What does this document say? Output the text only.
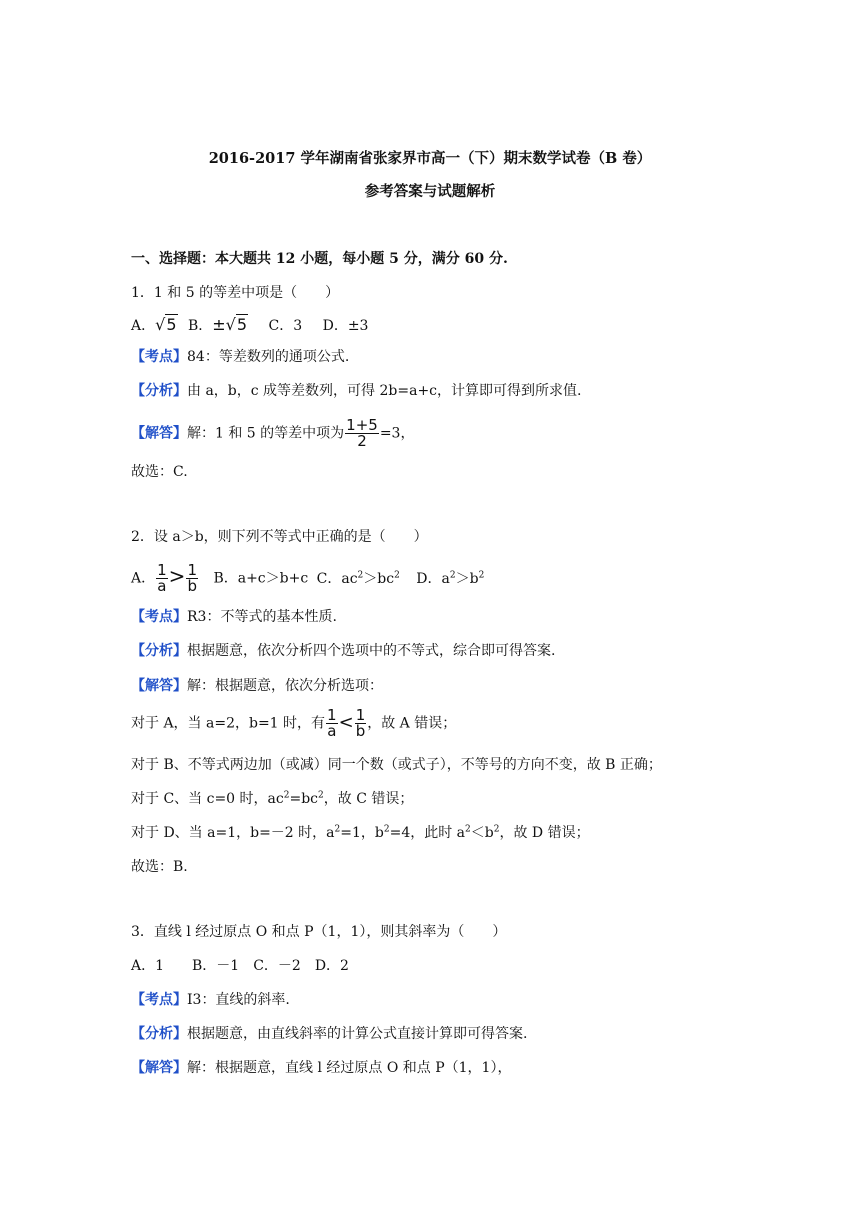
2016-2017 学年湖南省张家界市高一（下）期末数学试卷（B 卷）
参考答案与试题解析
一、选择题：本大题共 12 小题，每小题 5 分，满分 60 分.
1．1 和 5 的等差中项是（　　）
A．√5 B．±√5 C．3 D．±3
【考点】84：等差数列的通项公式.
【分析】由 a，b，c 成等差数列，可得 2b=a+c，计算即可得到所求值.
【解答】解：1 和 5 的等差中项为 $\frac{1+5}{2} =3$，
故选：C.
2．设 a＞b，则下列不等式中正确的是（　　）
A． $\frac{1}{a} > \frac{1}{b}$ B．a+c＞b+c C．$ac^2>bc^2$ D．$a^2>b^2$
【考点】R3：不等式的基本性质.
【分析】根据题意，依次分析四个选项中的不等式，综合即可得答案.
【解答】解：根据题意，依次分析选项：
对于 A，当 a=2，b=1 时，有 $\frac{1}{a} < \frac{1}{b}$ ，故 A 错误；
对于 B、不等式两边加（或减）同一个数（或式子），不等号的方向不变，故 B 正确；
对于 C、当 c=0 时，$ac^2=bc^2$，故 C 错误；
对于 D、当 a=1，b=－2 时，$a^2=1$，$b^2=4$，此时 $a^2<b^2$，故 D 错误；
故选：B.
3．直线 l 经过原点 O 和点 P（1，1），则其斜率为（　　）
A．1　　B．－1　C．－2　D．2
【考点】I3：直线的斜率.
【分析】根据题意，由直线斜率的计算公式直接计算即可得答案.
【解答】解：根据题意，直线 l 经过原点 O 和点 P（1，1），
